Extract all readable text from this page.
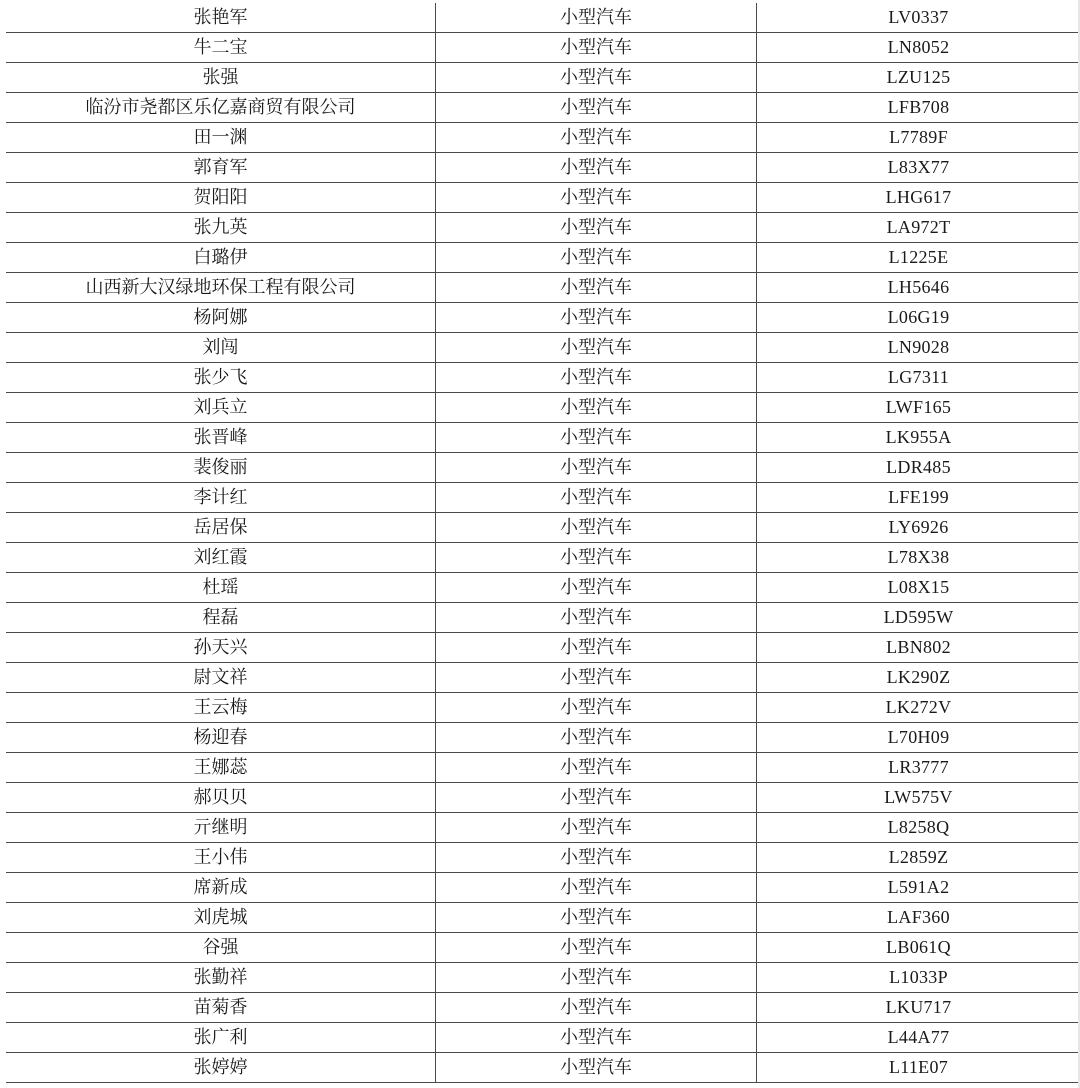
张艳军	小型汽车	LV0337
牛二宝	小型汽车	LN8052
张强	小型汽车	LZU125
临汾市尧都区乐亿嘉商贸有限公司	小型汽车	LFB708
田一渊	小型汽车	L7789F
郭育军	小型汽车	L83X77
贺阳阳	小型汽车	LHG617
张九英	小型汽车	LA972T
白璐伊	小型汽车	L1225E
山西新大汉绿地环保工程有限公司	小型汽车	LH5646
杨阿娜	小型汽车	L06G19
刘闯	小型汽车	LN9028
张少飞	小型汽车	LG7311
刘兵立	小型汽车	LWF165
张晋峰	小型汽车	LK955A
裴俊丽	小型汽车	LDR485
李计红	小型汽车	LFE199
岳居保	小型汽车	LY6926
刘红霞	小型汽车	L78X38
杜瑶	小型汽车	L08X15
程磊	小型汽车	LD595W
孙天兴	小型汽车	LBN802
尉文祥	小型汽车	LK290Z
王云梅	小型汽车	LK272V
杨迎春	小型汽车	L70H09
王娜蕊	小型汽车	LR3777
郝贝贝	小型汽车	LW575V
亓继明	小型汽车	L8258Q
王小伟	小型汽车	L2859Z
席新成	小型汽车	L591A2
刘虎城	小型汽车	LAF360
谷强	小型汽车	LB061Q
张勤祥	小型汽车	L1033P
苗菊香	小型汽车	LKU717
张广利	小型汽车	L44A77
张婷婷	小型汽车	L11E07
